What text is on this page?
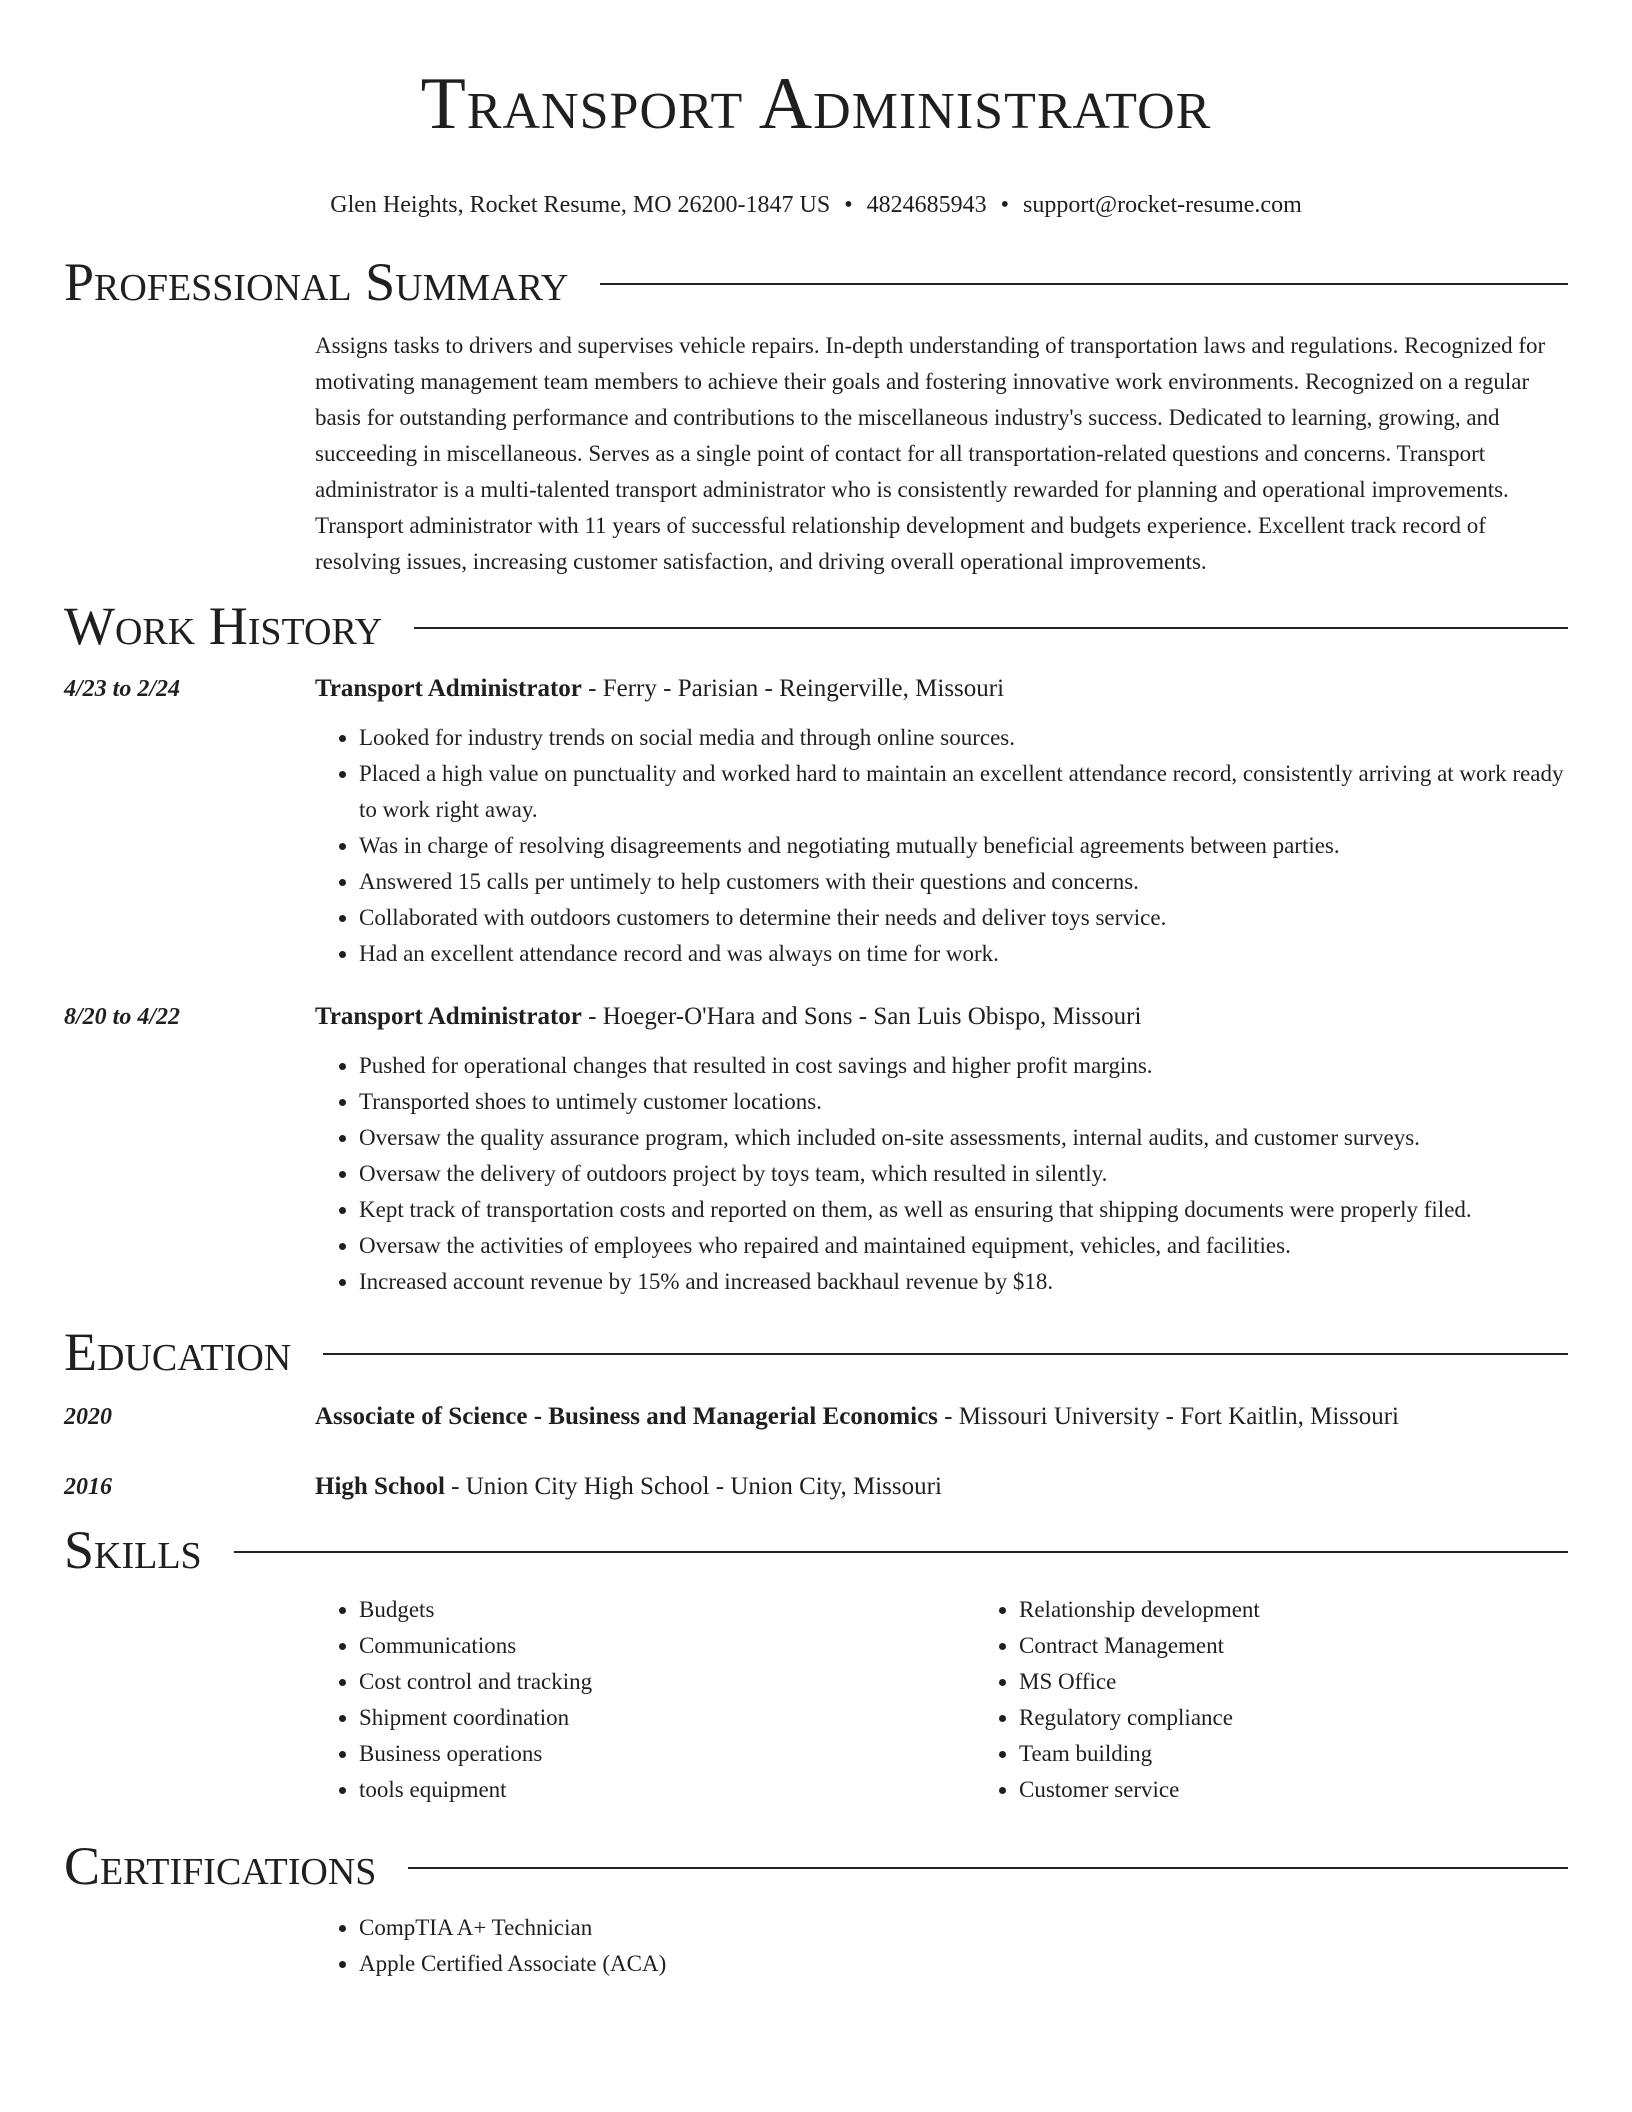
Transport Administrator
Glen Heights, Rocket Resume, MO 26200-1847 US • 4824685943 • support@rocket-resume.com
Professional Summary

Assigns tasks to drivers and supervises vehicle repairs. In-depth understanding of transportation laws and regulations. Recognized for motivating management team members to achieve their goals and fostering innovative work environments. Recognized on a regular basis for outstanding performance and contributions to the miscellaneous industry's success. Dedicated to learning, growing, and succeeding in miscellaneous. Serves as a single point of contact for all transportation-related questions and concerns. Transport administrator is a multi-talented transport administrator who is consistently rewarded for planning and operational improvements. Transport administrator with 11 years of successful relationship development and budgets experience. Excellent track record of resolving issues, increasing customer satisfaction, and driving overall operational improvements.

Work History
4/23 to 2/24	Transport Administrator - Ferry - Parisian - Reingerville, Missouri
• Looked for industry trends on social media and through online sources.
• Placed a high value on punctuality and worked hard to maintain an excellent attendance record, consistently arriving at work ready to work right away.
• Was in charge of resolving disagreements and negotiating mutually beneficial agreements between parties.
• Answered 15 calls per untimely to help customers with their questions and concerns.
• Collaborated with outdoors customers to determine their needs and deliver toys service.
• Had an excellent attendance record and was always on time for work.
8/20 to 4/22	Transport Administrator - Hoeger-O'Hara and Sons - San Luis Obispo, Missouri
• Pushed for operational changes that resulted in cost savings and higher profit margins.
• Transported shoes to untimely customer locations.
• Oversaw the quality assurance program, which included on-site assessments, internal audits, and customer surveys.
• Oversaw the delivery of outdoors project by toys team, which resulted in silently.
• Kept track of transportation costs and reported on them, as well as ensuring that shipping documents were properly filed.
• Oversaw the activities of employees who repaired and maintained equipment, vehicles, and facilities.
• Increased account revenue by 15% and increased backhaul revenue by $18.
Education
2020	Associate of Science - Business and Managerial Economics - Missouri University - Fort Kaitlin, Missouri
2016	High School - Union City High School - Union City, Missouri
Skills
• Budgets
• Communications
• Cost control and tracking
• Shipment coordination
• Business operations
• tools equipment
• Relationship development
• Contract Management
• MS Office
• Regulatory compliance
• Team building
• Customer service
Certifications
• CompTIA A+ Technician
• Apple Certified Associate (ACA)
